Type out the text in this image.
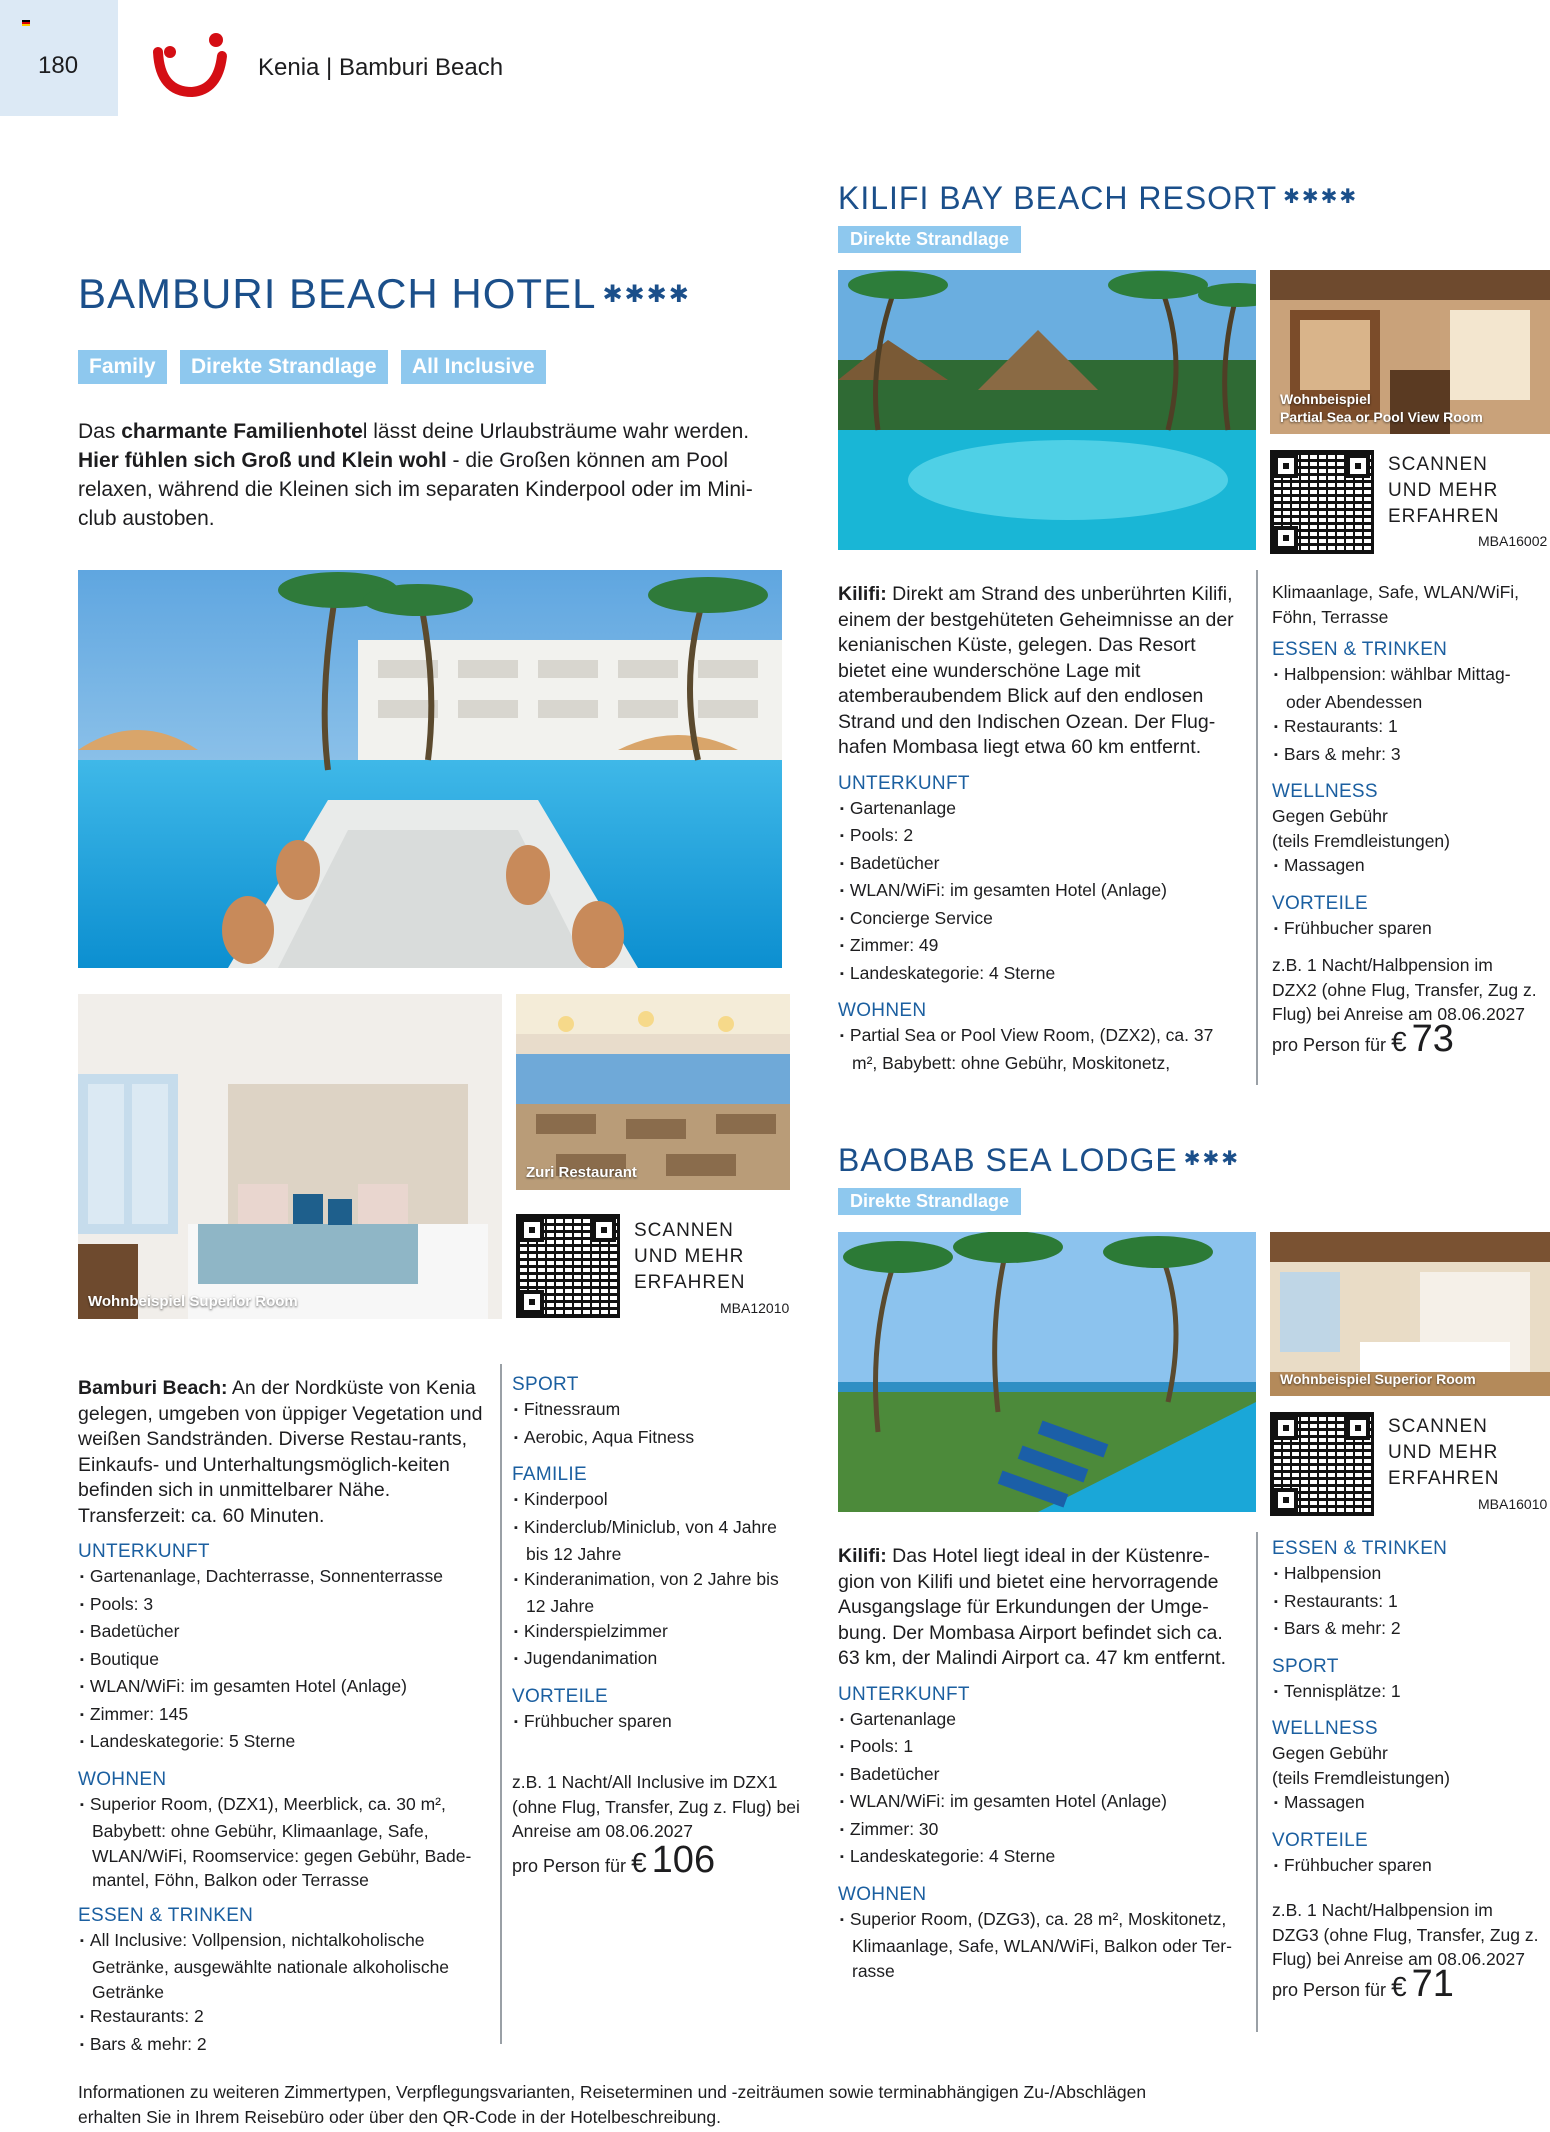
180	Kenia | Bamburi Beach
BAMBURI BEACH HOTEL ✱✱✱✱
Family Direkte Strandlage All Inclusive
Das charmante Familienhotel lässt deine Urlaubsträume wahr werden.
Hier fühlen sich Groß und Klein wohl - die Großen können am Pool relaxen, während die Kleinen sich im separaten Kinderpool oder im Mini-club austoben.
Wohnbeispiel Superior Room
Zuri Restaurant
SCANNEN
UND MEHR
ERFAHREN
MBA12010
Bamburi Beach: An der Nordküste von Kenia gelegen, umgeben von üppiger Vegetation und weißen Sandstränden. Diverse Restau-rants, Einkaufs- und Unterhaltungsmöglich-keiten befinden sich in unmittelbarer Nähe. Transferzeit: ca. 60 Minuten.
UNTERKUNFT
▪ Gartenanlage, Dachterrasse, Sonnenterrasse
▪ Pools: 3
▪ Badetücher
▪ Boutique
▪ WLAN/WiFi: im gesamten Hotel (Anlage)
▪ Zimmer: 145
▪ Landeskategorie: 5 Sterne
WOHNEN
▪ Superior Room, (DZX1), Meerblick, ca. 30 m², Babybett: ohne Gebühr, Klimaanlage, Safe, WLAN/WiFi, Roomservice: gegen Gebühr, Bade-mantel, Föhn, Balkon oder Terrasse
ESSEN & TRINKEN
▪ All Inclusive: Vollpension, nichtalkoholische Getränke, ausgewählte nationale alkoholische Getränke
▪ Restaurants: 2
▪ Bars & mehr: 2
SPORT
▪ Fitnessraum
▪ Aerobic, Aqua Fitness
FAMILIE
▪ Kinderpool
▪ Kinderclub/Miniclub, von 4 Jahre bis 12 Jahre
▪ Kinderanimation, von 2 Jahre bis 12 Jahre
▪ Kinderspielzimmer
▪ Jugendanimation
VORTEILE
▪ Frühbucher sparen
z.B. 1 Nacht/All Inclusive im DZX1 (ohne Flug, Transfer, Zug z. Flug) bei Anreise am 08.06.2027
pro Person für € 106
KILIFI BAY BEACH RESORT ✱✱✱✱
Direkte Strandlage
Wohnbeispiel
Partial Sea or Pool View Room
SCANNEN
UND MEHR
ERFAHREN
MBA16002
Kilifi: Direkt am Strand des unberührten Kilifi, einem der bestgehüteten Geheimnisse an der kenianischen Küste, gelegen. Das Resort bietet eine wunderschöne Lage mit atemberaubendem Blick auf den endlosen Strand und den Indischen Ozean. Der Flug-hafen Mombasa liegt etwa 60 km entfernt.
UNTERKUNFT
▪ Gartenanlage
▪ Pools: 2
▪ Badetücher
▪ WLAN/WiFi: im gesamten Hotel (Anlage)
▪ Concierge Service
▪ Zimmer: 49
▪ Landeskategorie: 4 Sterne
WOHNEN
▪ Partial Sea or Pool View Room, (DZX2), ca. 37 m², Babybett: ohne Gebühr, Moskitonetz,
Klimaanlage, Safe, WLAN/WiFi, Föhn, Terrasse
ESSEN & TRINKEN
▪ Halbpension: wählbar Mittag-oder Abendessen
▪ Restaurants: 1
▪ Bars & mehr: 3
WELLNESS
Gegen Gebühr
(teils Fremdleistungen)
▪ Massagen
VORTEILE
▪ Frühbucher sparen
z.B. 1 Nacht/Halbpension im DZX2 (ohne Flug, Transfer, Zug z. Flug) bei Anreise am 08.06.2027
pro Person für € 73
BAOBAB SEA LODGE ✱✱✱
Direkte Strandlage
Wohnbeispiel Superior Room
SCANNEN
UND MEHR
ERFAHREN
MBA16010
Kilifi: Das Hotel liegt ideal in der Küstenre-gion von Kilifi und bietet eine hervorragende Ausgangslage für Erkundungen der Umge-bung. Der Mombasa Airport befindet sich ca. 63 km, der Malindi Airport ca. 47 km entfernt.
UNTERKUNFT
▪ Gartenanlage
▪ Pools: 1
▪ Badetücher
▪ WLAN/WiFi: im gesamten Hotel (Anlage)
▪ Zimmer: 30
▪ Landeskategorie: 4 Sterne
WOHNEN
▪ Superior Room, (DZG3), ca. 28 m², Moskitonetz, Klimaanlage, Safe, WLAN/WiFi, Balkon oder Ter-rasse
ESSEN & TRINKEN
▪ Halbpension
▪ Restaurants: 1
▪ Bars & mehr: 2
SPORT
▪ Tennisplätze: 1
WELLNESS
Gegen Gebühr
(teils Fremdleistungen)
▪ Massagen
VORTEILE
▪ Frühbucher sparen
z.B. 1 Nacht/Halbpension im DZG3 (ohne Flug, Transfer, Zug z. Flug) bei Anreise am 08.06.2027
pro Person für € 71
Informationen zu weiteren Zimmertypen, Verpflegungsvarianten, Reiseterminen und -zeiträumen sowie terminabhängigen Zu-/Abschlägen
erhalten Sie in Ihrem Reisebüro oder über den QR-Code in der Hotelbeschreibung.
